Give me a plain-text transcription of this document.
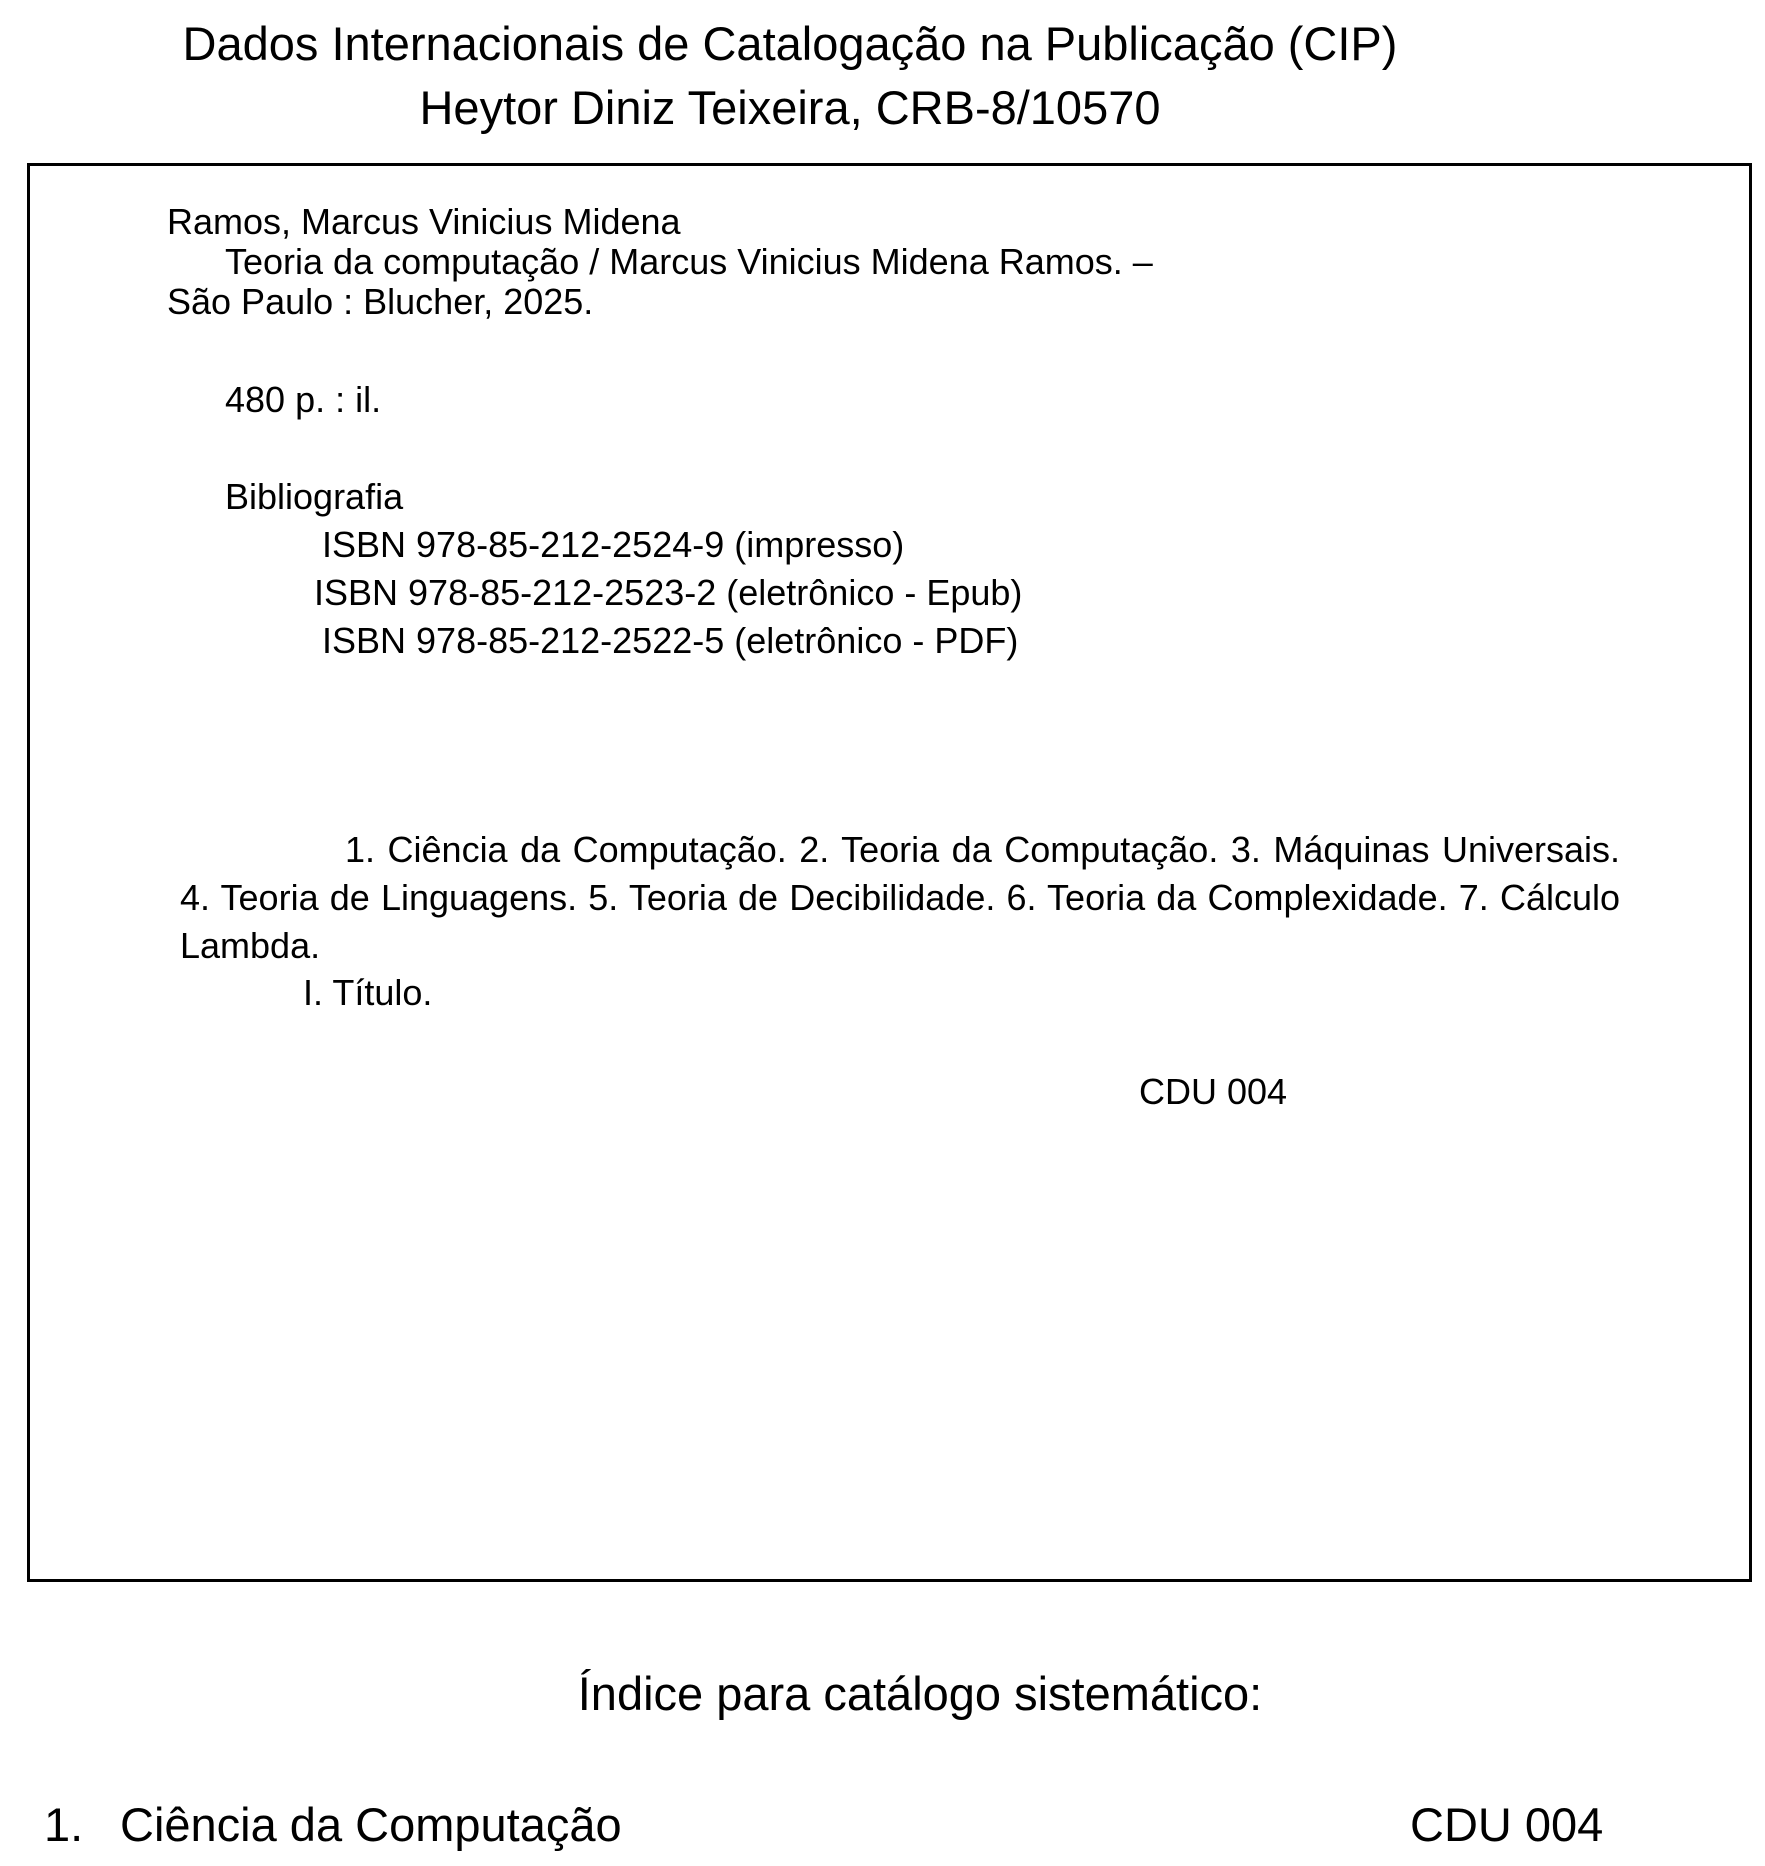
Dados Internacionais de Catalogação na Publicação (CIP)
Heytor Diniz Teixeira, CRB-8/10570
Ramos, Marcus Vinicius Midena
Teoria da computação / Marcus Vinicius Midena Ramos. –
São Paulo : Blucher, 2025.
480 p. : il.
Bibliografia
ISBN 978-85-212-2524-9 (impresso)
ISBN 978-85-212-2523-2 (eletrônico - Epub)
ISBN 978-85-212-2522-5 (eletrônico - PDF)
1. Ciência da Computação. 2. Teoria da Computação. 3. Máquinas Universais. 4. Teoria de Linguagens. 5. Teoria de Decibilidade. 6. Teoria da Complexidade. 7. Cálculo Lambda.
I. Título.
CDU 004
Índice para catálogo sistemático:
1. Ciência da Computação	CDU 004
